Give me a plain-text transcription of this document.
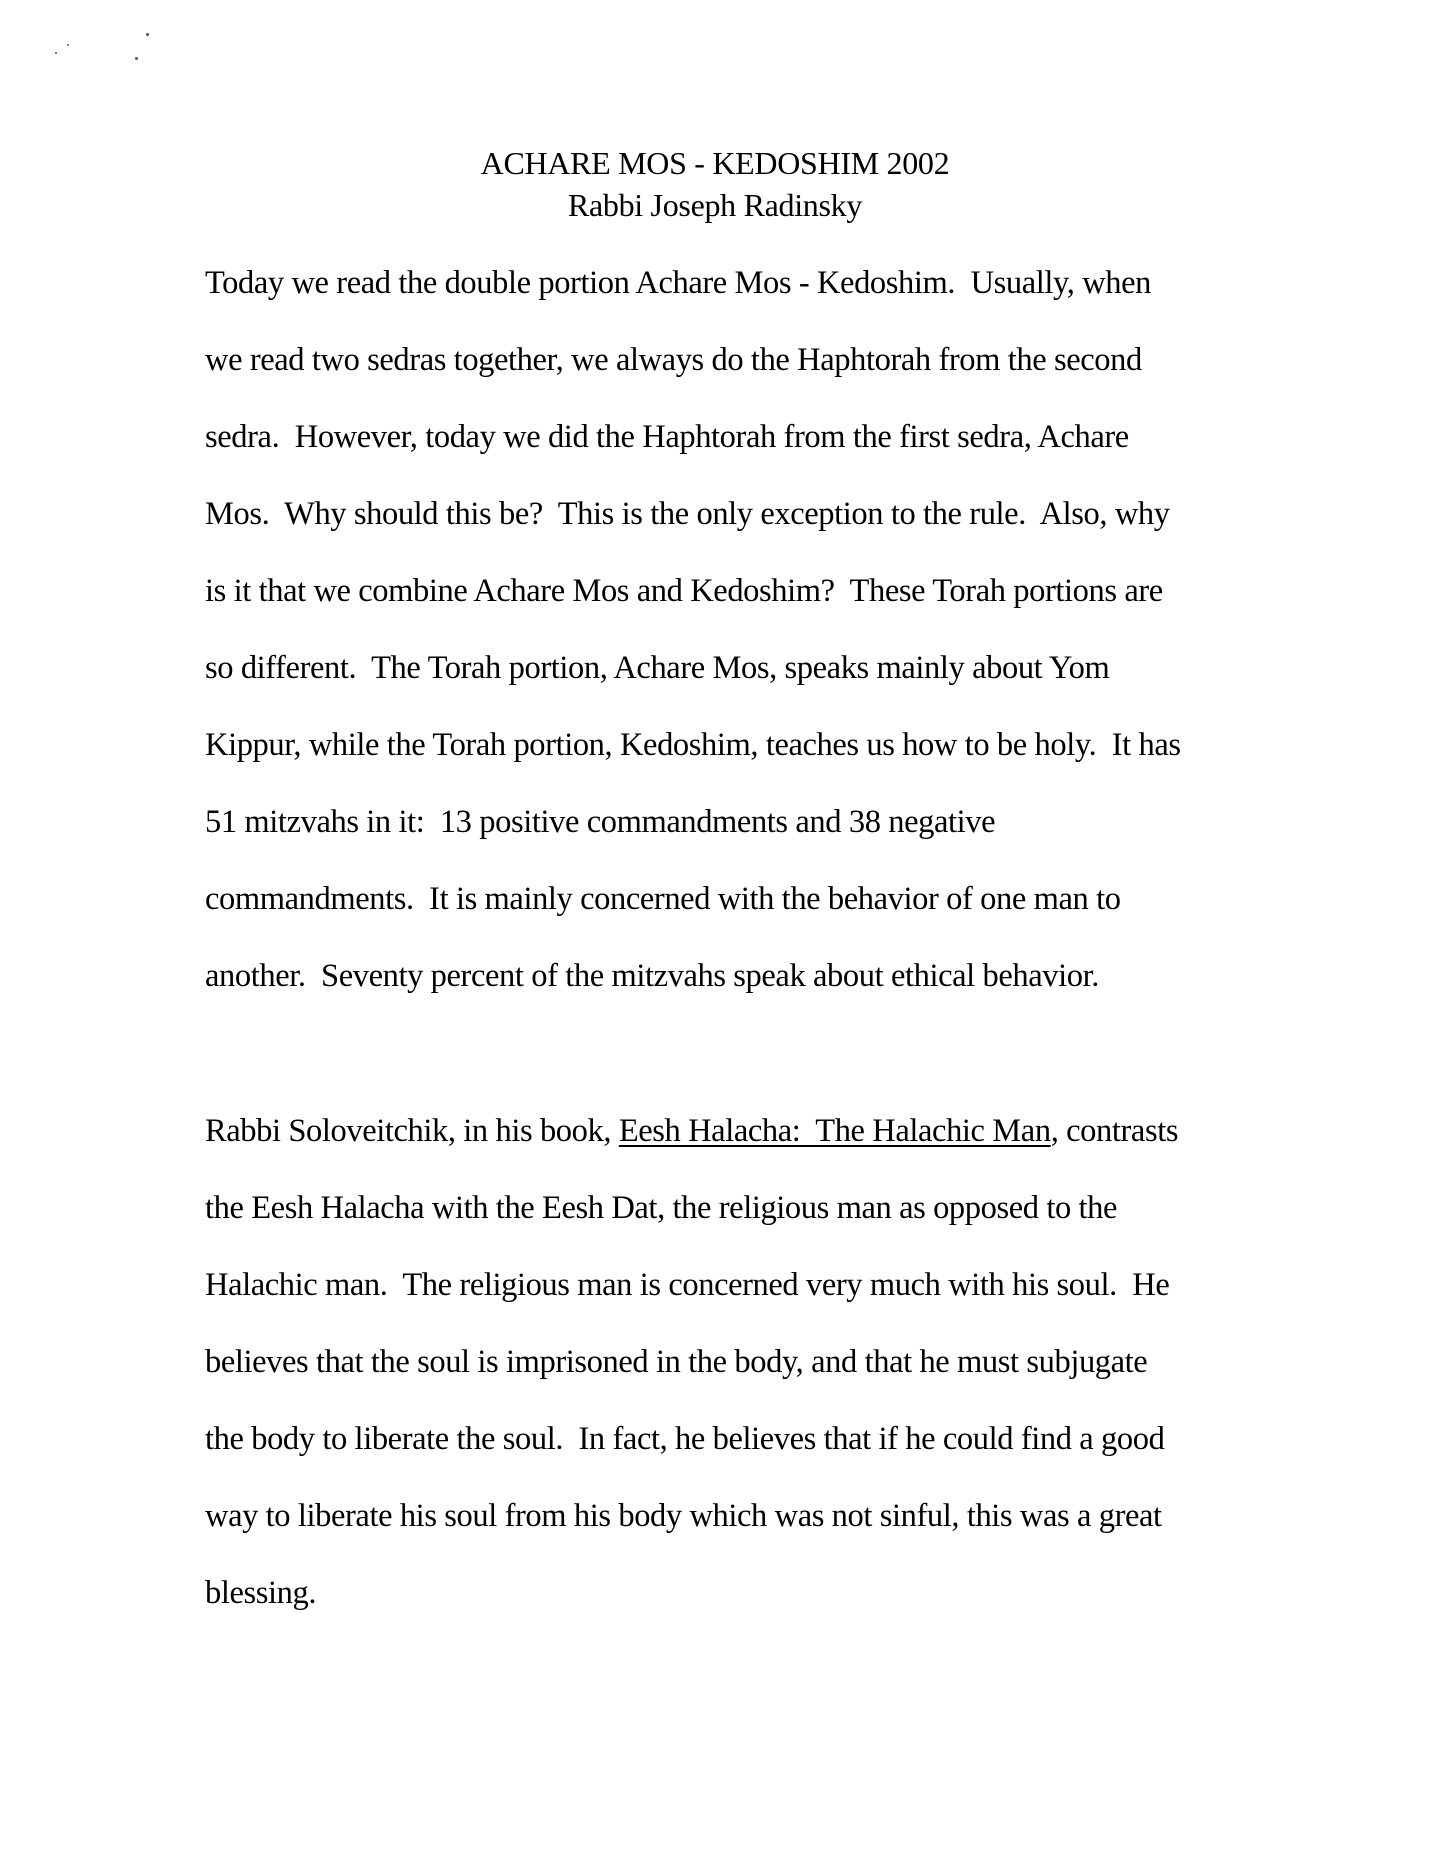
ACHARE MOS - KEDOSHIM 2002
Rabbi Joseph Radinsky
Today we read the double portion Achare Mos - Kedoshim.  Usually, when
we read two sedras together, we always do the Haphtorah from the second
sedra.  However, today we did the Haphtorah from the first sedra, Achare
Mos.  Why should this be?  This is the only exception to the rule.  Also, why
is it that we combine Achare Mos and Kedoshim?  These Torah portions are
so different.  The Torah portion, Achare Mos, speaks mainly about Yom
Kippur, while the Torah portion, Kedoshim, teaches us how to be holy.  It has
51 mitzvahs in it:  13 positive commandments and 38 negative
commandments.  It is mainly concerned with the behavior of one man to
another.  Seventy percent of the mitzvahs speak about ethical behavior.
Rabbi Soloveitchik, in his book, Eesh Halacha:  The Halachic Man, contrasts
the Eesh Halacha with the Eesh Dat, the religious man as opposed to the
Halachic man.  The religious man is concerned very much with his soul.  He
believes that the soul is imprisoned in the body, and that he must subjugate
the body to liberate the soul.  In fact, he believes that if he could find a good
way to liberate his soul from his body which was not sinful, this was a great
blessing.
